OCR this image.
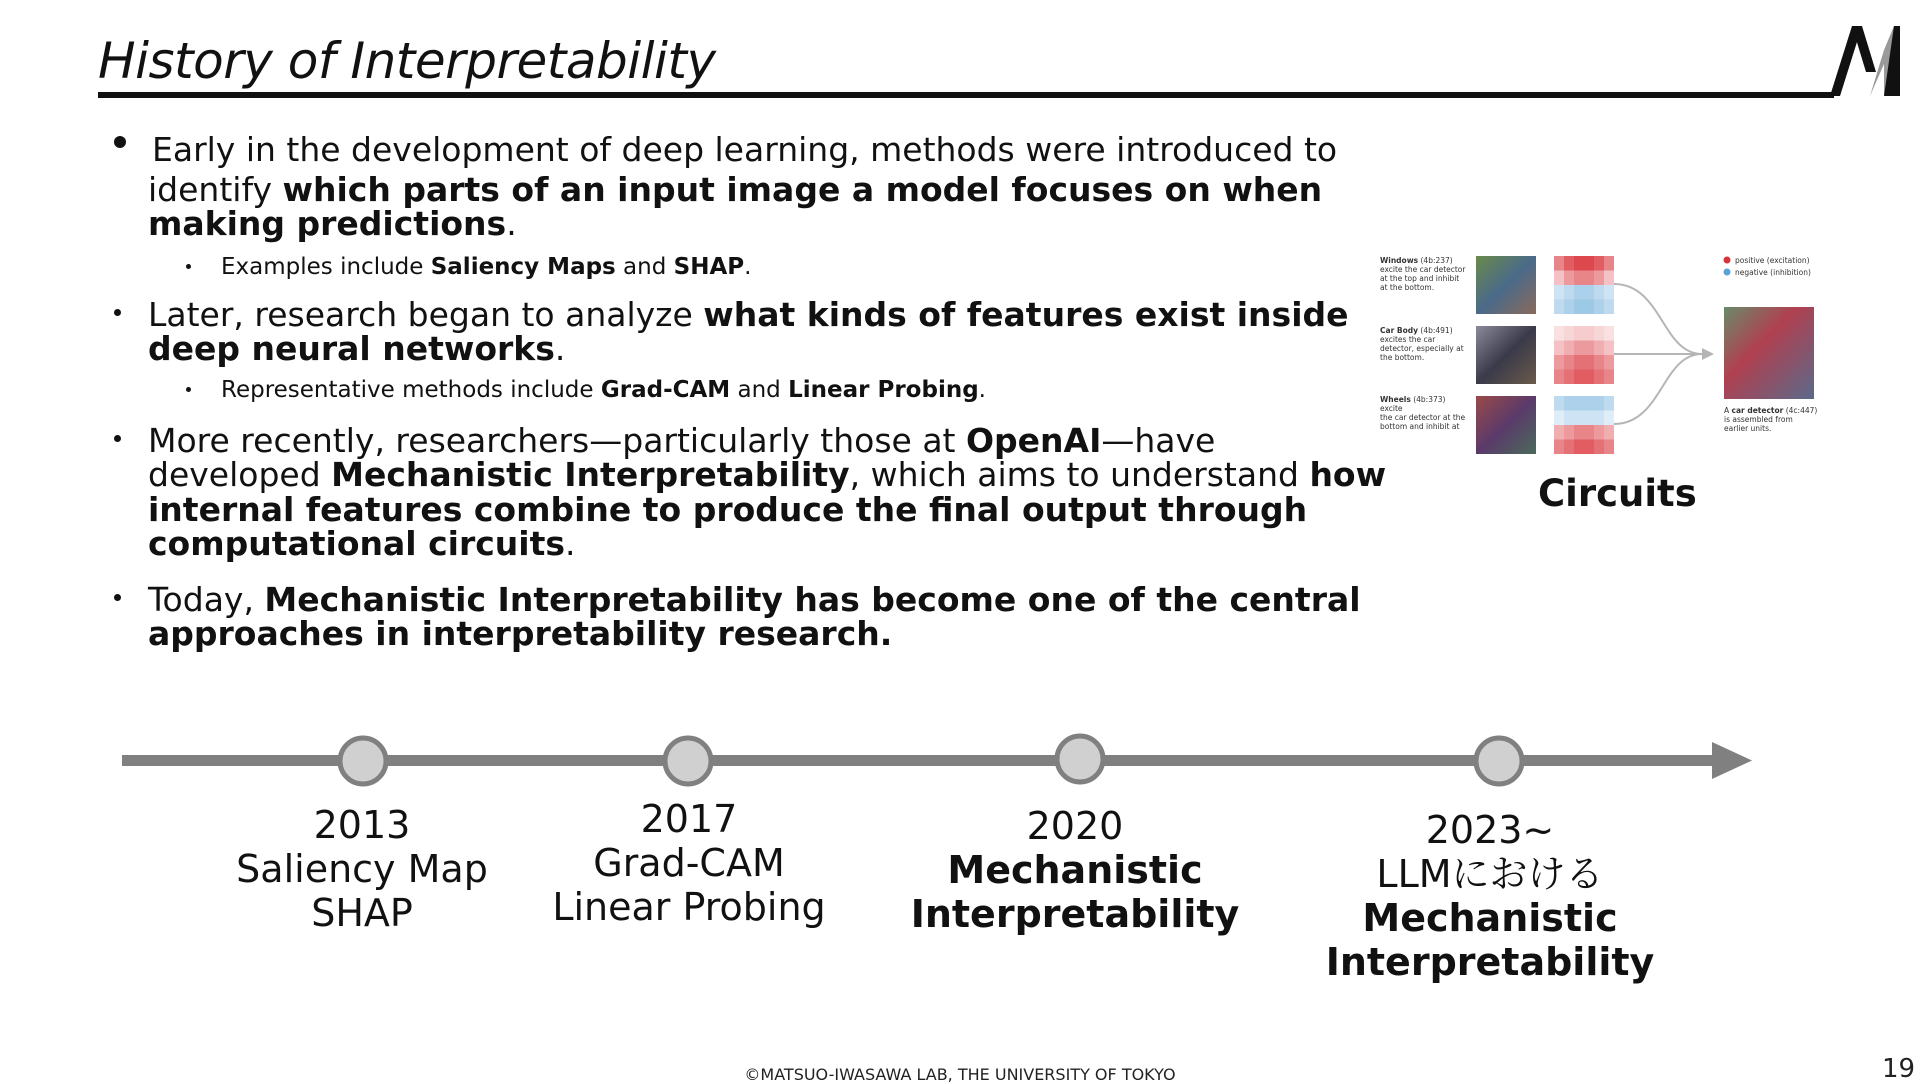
History of Interpretability
Early in the development of deep learning, methods were introduced to
identify which parts of an input image a model focuses on when
making predictions.
Examples include Saliency Maps and SHAP.
Later, research began to analyze what kinds of features exist inside
deep neural networks.
Representative methods include Grad-CAM and Linear Probing.
More recently, researchers—particularly those at OpenAI—have
developed Mechanistic Interpretability, which aims to understand how
internal features combine to produce the final output through
computational circuits.
Today, Mechanistic Interpretability has become one of the central
approaches in interpretability research.
Windows (4b:237)
excite the car detector
at the top and inhibit
at the bottom.
Car Body (4b:491)
excites the car
detector, especially at
the bottom.
Wheels (4b:373)
excite
the car detector at the
bottom and inhibit at
A car detector (4c:447)
is assembled from
earlier units.
positive (excitation)
negative (inhibition)
Circuits
2013
Saliency Map
SHAP
2017
Grad-CAM
Linear Probing
2020
Mechanistic
Interpretability
2023~
LLMにおける
Mechanistic
Interpretability
©MATSUO-IWASAWA LAB, THE UNIVERSITY OF TOKYO	19
